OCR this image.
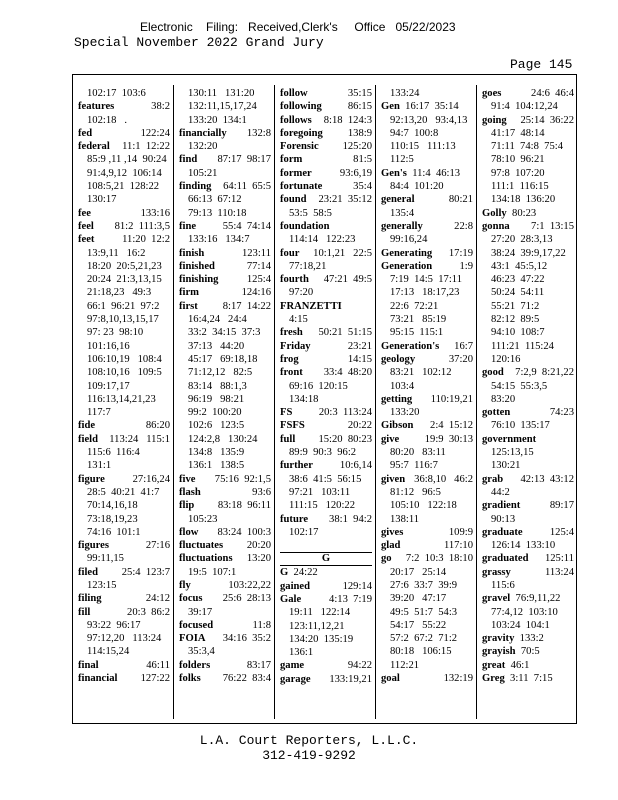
Electronic    Filing:   Received,Clerk's     Office   05/22/2023
Special November 2022 Grand Jury
Page 145
102:17  103:6
features	38:2
102:18   .
fed	122:24
federal 11:1  12:22
85:9 ,11 ,14  90:24
91:4,9,12  106:14
108:5,21  128:22
130:17
fee	133:16
feel 81:2  111:3,5
feet	11:20  12:2
13:9,11   16:2
18:20  20:5,21,23
20:24  21:3,13,15
21:18,23   49:3
66:1  96:21  97:2
97:8,10,13,15,17
97: 23  98:10
101:16,16
106:10,19   108:4
108:10,16   109:5
109:17,17
116:13,14,21,23
117:7
fide	86:20
field 113:24   115:1
115:6  116:4
131:1
figure	27:16,24
28:5  40:21  41:7
70:14,16,18
73:18,19,23
74:16  101:1
figures	27:16
99:11,15
filed 25:4  123:7
123:15
filing	24:12
fill	20:3  86:2
93:22  96:17
97:12,20   113:24
114:15,24
final	46:11
financial 127:22
130:11   131:20
132:11,15,17,24
133:20  134:1
financially 132:8
132:20
find 87:17  98:17
105:21
finding 64:11  65:5
66:13  67:12
79:13  110:18
fine	55:4  74:14
133:16   134:7
finish	123:11
finished	77:14
finishing	125:4
firm	124:16
first 8:17  14:22
16:4,24   24:4
33:2  34:15  37:3
37:13   44:20
45:17   69:18,18
71:12,12   82:5
83:14   88:1,3
96:19   98:21
99:2  100:20
102:6   123:5
124:2,8   130:24
134:8   135:9
136:1   138:5
five 75:16  92:1,5
flash	93:6
flip 83:18  96:11
105:23
flow 83:24  100:3
fluctuates 20:20
fluctuations 13:20
19:5  107:1
fly	103:22,22
focus 25:6  28:13
39:17
focused	11:8
FOIA 34:16  35:2
35:3,4
folders	83:17
folks 76:22  83:4
follow	35:15
following 86:15
follows 8:18  124:3
foregoing 138:9
Forensic 125:20
form	81:5
former	93:6,19
fortunate	35:4
found 23:21  35:12
53:5  58:5
foundation
114:14   122:23
four 10:1,21   22:5
77:18,21
fourth 47:21  49:5
97:20
FRANZETTI
4:15
fresh 50:21  51:15
Friday	23:21
frog	14:15
front 33:4  48:20
69:16  120:15
134:18
FS 20:3  113:24
FSFS	20:22
full 15:20  80:23
89:9  90:3  96:2
further	10:6,14
38:6  41:5  56:15
97:21   103:11
111:15   120:22
future 38:1  94:2
102:17
G
G 24:22
gained	129:14
Gale	4:13  7:19
19:11   122:14
123:11,12,21
134:20  135:19
136:1
game	94:22
garage 133:19,21
133:24
Gen 16:17  35:14
92:13,20   93:4,13
94:7  100:8
110:15   111:13
112:5
Gen's 11:4  46:13
84:4  101:20
general	80:21
135:4
generally	22:8
99:16,24
Generating 17:19
Generation	1:9
7:19  14:5  17:11
17:13   18:17,23
22:6  72:21
73:21   85:19
95:15  115:1
Generation's 16:7
geology	37:20
83:21   102:12
103:4
getting 110:19,21
133:20
Gibson 2:4  15:12
give 19:9  30:13
80:20   83:11
95:7  116:7
given 36:8,10   46:2
81:12   96:5
105:10   122:18
138:11
gives	109:9
glad	117:10
go 7:2  10:3  18:10
20:17   25:14
27:6  33:7  39:9
39:20   47:17
49:5  51:7  54:3
54:17   55:22
57:2  67:2  71:2
80:18   106:15
112:21
goal	132:19
goes	24:6  46:4
91:4  104:12,24
going 25:14  36:22
41:17  48:14
71:11  74:8  75:4
78:10  96:21
97:8  107:20
111:1  116:15
134:18  136:20
Golly 80:23
gonna 7:1  13:15
27:20  28:3,13
38:24  39:9,17,22
43:1  45:5,12
46:23  47:22
50:24  54:11
55:21  71:2
82:12  89:5
94:10  108:7
111:21  115:24
120:16
good 7:2,9  8:21,22
54:15  55:3,5
83:20
gotten	74:23
76:10  135:17
government
125:13,15
130:21
grab 42:13  43:12
44:2
gradient	89:17
90:13
graduate	125:4
126:14  133:10
graduated 125:11
grassy	113:24
115:6
gravel 76:9,11,22
77:4,12  103:10
103:24  104:1
gravity 133:2
grayish 70:5
great 46:1
Greg 3:11  7:15
L.A. Court Reporters, L.L.C.
312-419-9292
